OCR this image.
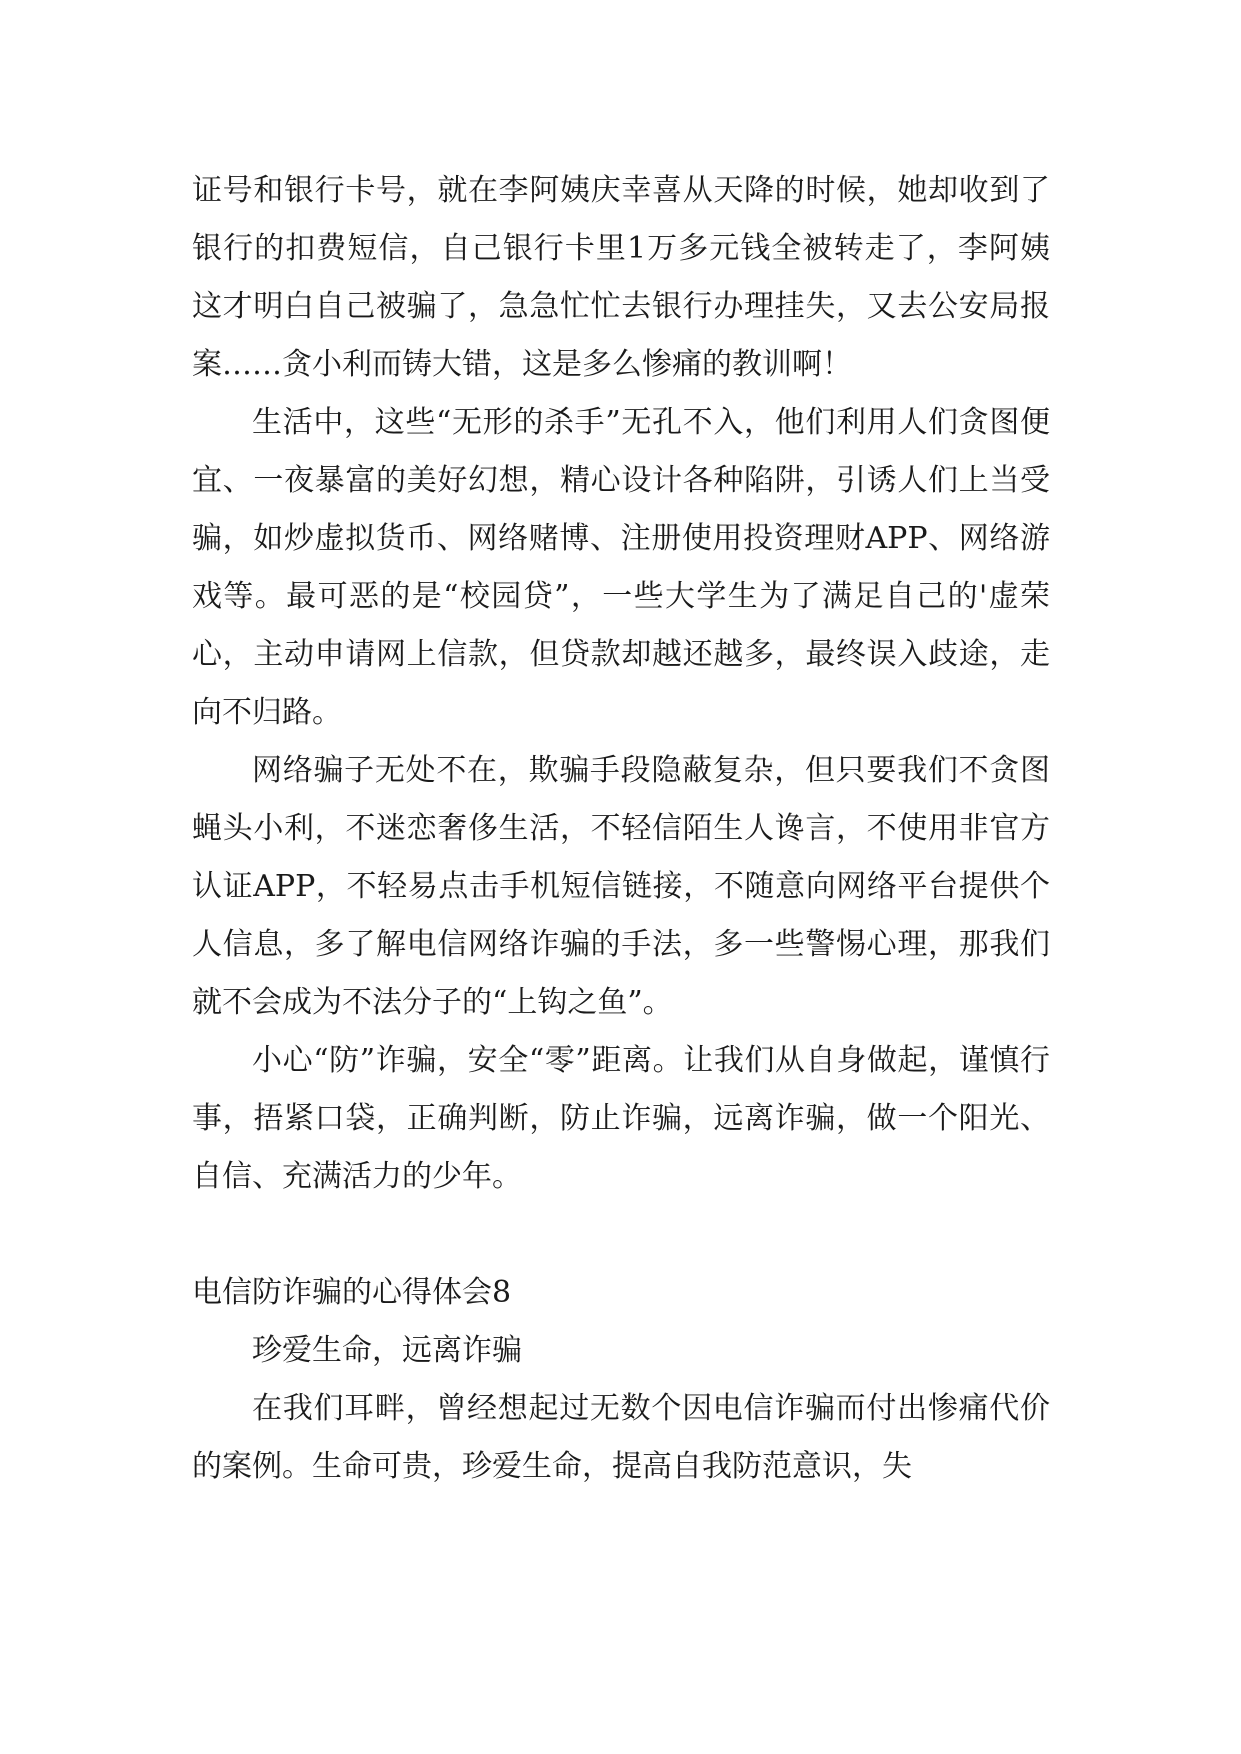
证号和银行卡号，就在李阿姨庆幸喜从天降的时候，她却收到了银行的扣费短信，自己银行卡里1万多元钱全被转走了，李阿姨这才明白自己被骗了，急急忙忙去银行办理挂失，又去公安局报案……贪小利而铸大错，这是多么惨痛的教训啊！

生活中，这些“无形的杀手”无孔不入，他们利用人们贪图便宜、一夜暴富的美好幻想，精心设计各种陷阱，引诱人们上当受骗，如炒虚拟货币、网络赌博、注册使用投资理财APP、网络游戏等。最可恶的是“校园贷”，一些大学生为了满足自己的'虚荣心，主动申请网上信款，但贷款却越还越多，最终误入歧途，走向不归路。

网络骗子无处不在，欺骗手段隐蔽复杂，但只要我们不贪图蝇头小利，不迷恋奢侈生活，不轻信陌生人谗言，不使用非官方认证APP，不轻易点击手机短信链接，不随意向网络平台提供个人信息，多了解电信网络诈骗的手法，多一些警惕心理，那我们就不会成为不法分子的“上钩之鱼”。

小心“防”诈骗，安全“零”距离。让我们从自身做起，谨慎行事，捂紧口袋，正确判断，防止诈骗，远离诈骗，做一个阳光、自信、充满活力的少年。

电信防诈骗的心得体会8

珍爱生命，远离诈骗

在我们耳畔，曾经想起过无数个因电信诈骗而付出惨痛代价的案例。生命可贵，珍爱生命，提高自我防范意识，失
